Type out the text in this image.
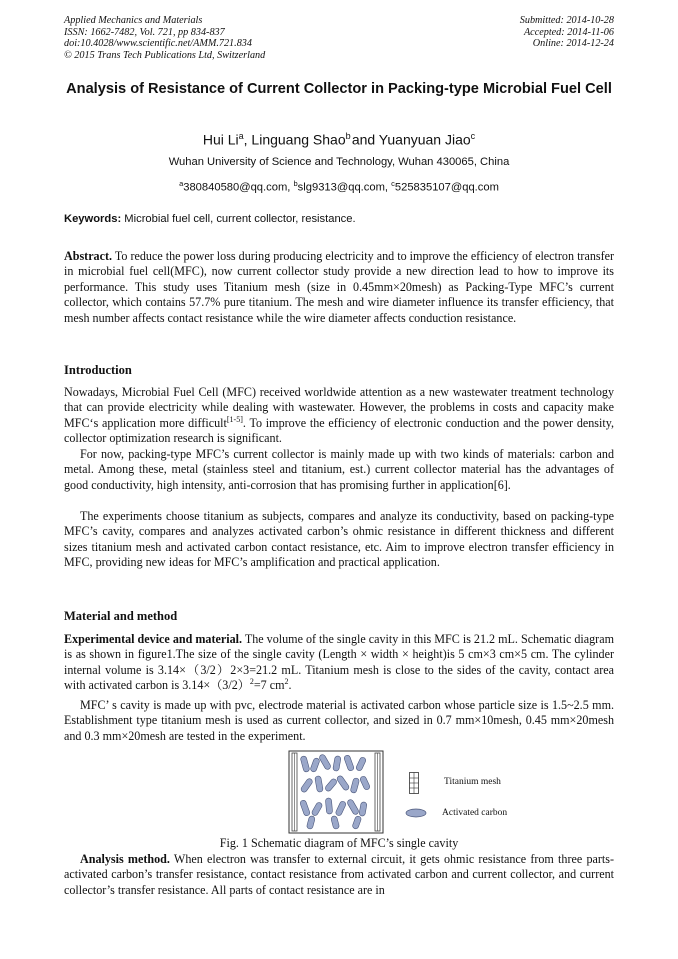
Applied Mechanics and Materials
ISSN: 1662-7482, Vol. 721, pp 834-837
doi:10.4028/www.scientific.net/AMM.721.834
© 2015 Trans Tech Publications Ltd, Switzerland
Submitted: 2014-10-28
Accepted: 2014-11-06
Online: 2014-12-24
Analysis of Resistance of Current Collector in Packing-type Microbial Fuel Cell
Hui Li$^a$, Linguang Shao$^b$ and Yuanyuan Jiao$^c$
Wuhan University of Science and Technology, Wuhan 430065, China
$^a$380840580@qq.com, $^b$slg9313@qq.com, $^c$525835107@qq.com
Keywords: Microbial fuel cell, current collector, resistance.

Abstract. To reduce the power loss during producing electricity and to improve the efficiency of electron transfer in microbial fuel cell(MFC), now current collector study provide a new direction lead to how to improve its performance. This study uses Titanium mesh (size in 0.45mm×20mesh) as Packing-Type MFC’s current collector, which contains 57.7% pure titanium. The mesh and wire diameter influence its transfer efficiency, that mesh number affects contact resistance while the wire diameter affects conduction resistance.

Introduction

Nowadays, Microbial Fuel Cell (MFC) received worldwide attention as a new wastewater treatment technology that can provide electricity while dealing with wastewater. However, the problems in costs and capacity make MFC‘s application more difficult[1-5]. To improve the efficiency of electronic conduction and the power density, collector optimization research is significant.

For now, packing-type MFC’s current collector is mainly made up with two kinds of materials: carbon and metal. Among these, metal (stainless steel and titanium, est.) current collector material has the advantages of good conductivity, high intensity, anti-corrosion that has promising further in application[6].

The experiments choose titanium as subjects, compares and analyze its conductivity, based on packing-type MFC’s cavity, compares and analyzes activated carbon’s ohmic resistance in different thickness and different sizes titanium mesh and activated carbon contact resistance, etc. Aim to improve electron transfer efficiency in MFC, providing new ideas for MFC’s amplification and practical application.

Material and method

Experimental device and material. The volume of the single cavity in this MFC is 21.2 mL. Schematic diagram is as shown in figure1.The size of the single cavity (Length × width × height)is 5 cm×3 cm×5 cm. The cylinder internal volume is 3.14×（3/2）2×3=21.2 mL. Titanium mesh is close to the sides of the cavity, contact area with activated carbon is $3.14\times(3/2)^2=7$ $cm^2$.

MFC’ s cavity is made up with pvc, electrode material is activated carbon whose particle size is 1.5~2.5 mm. Establishment type titanium mesh is used as current collector, and sized in 0.7 mm×10mesh, 0.45 mm×20mesh and 0.3 mm×20mesh are tested in the experiment.

Titanium mesh
Activated carbon
Fig. 1 Schematic diagram of MFC’s single cavity

Analysis method. When electron was transfer to external circuit, it gets ohmic resistance from three parts- activated carbon’s transfer resistance, contact resistance from activated carbon and current collector, and current collector’s transfer resistance. All parts of contact resistance are in
